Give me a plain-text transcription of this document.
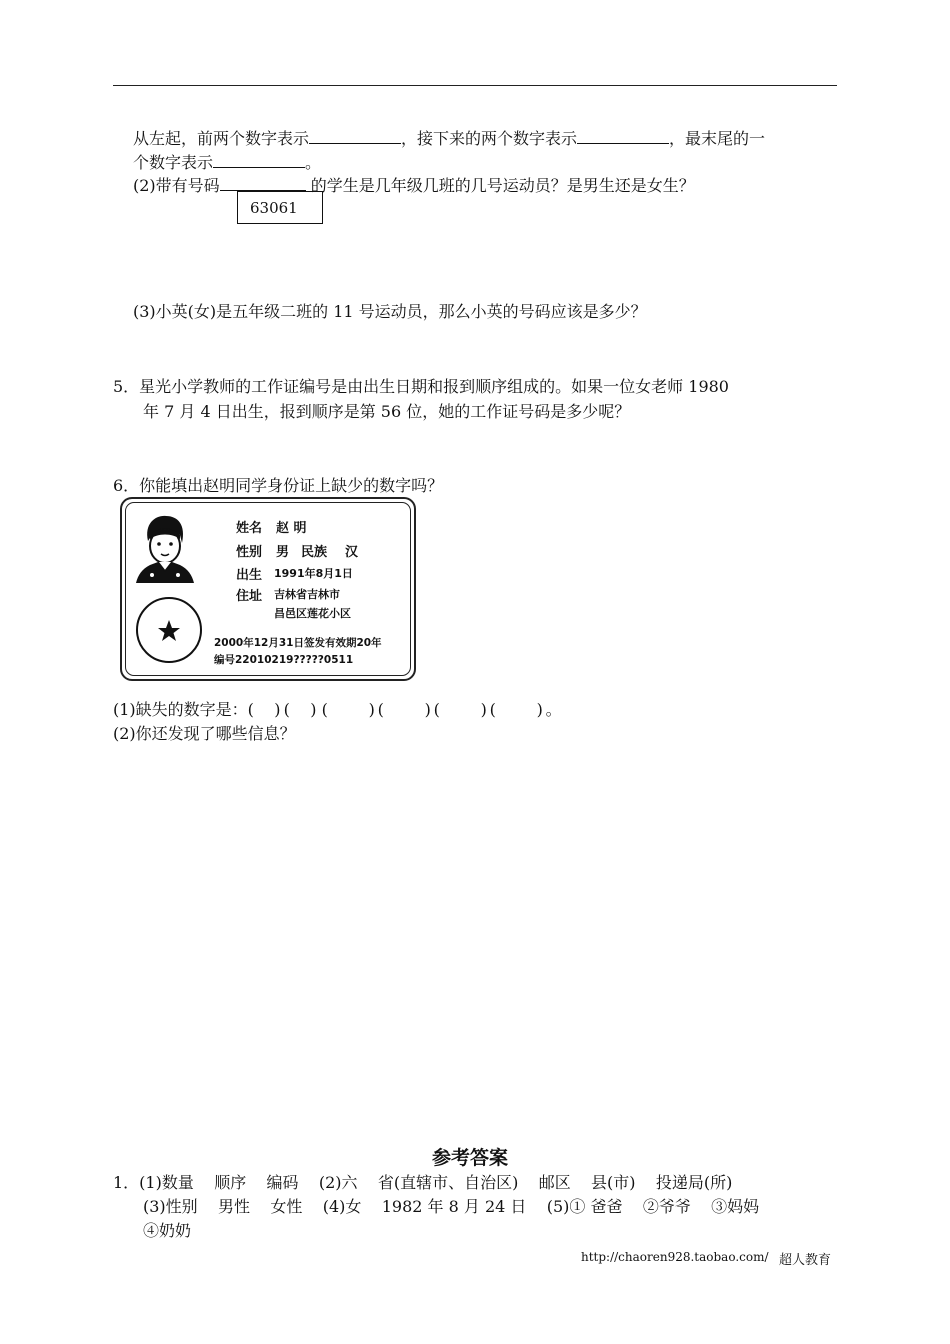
从左起，前两个数字表示	，接下来的两个数字表示	，最末尾的一
个数字表示	。
(2)带有号码	的学生是几年级几班的几号运动员？是男生还是女生？
63061
(3)小英(女)是五年级二班的 11 号运动员，那么小英的号码应该是多少？
5．星光小学教师的工作证编号是由出生日期和报到顺序组成的。如果一位女老师 1980
年 7 月 4 日出生，报到顺序是第 56 位，她的工作证号码是多少呢？
6．你能填出赵明同学身份证上缺少的数字吗？
姓名 赵 明
性别 男 民族 汉
出生 1991年8月1日
住址 吉林省吉林市
昌邑区莲花小区
2000年12月31日签发有效期20年
编号22010219?????0511
(1)缺失的数字是：(    ) (    ) (        ) (        ) (        ) (        ) 。
(2)你还发现了哪些信息？
参考答案
1．(1)数量    顺序    编码    (2)六    省(直辖市、自治区)    邮区    县(市)    投递局(所)
(3)性别    男性    女性    (4)女    1982 年 8 月 24 日    (5)① 爸爸    ②爷爷    ③妈妈
④奶奶
http://chaoren928.taobao.com/ 超人教育
